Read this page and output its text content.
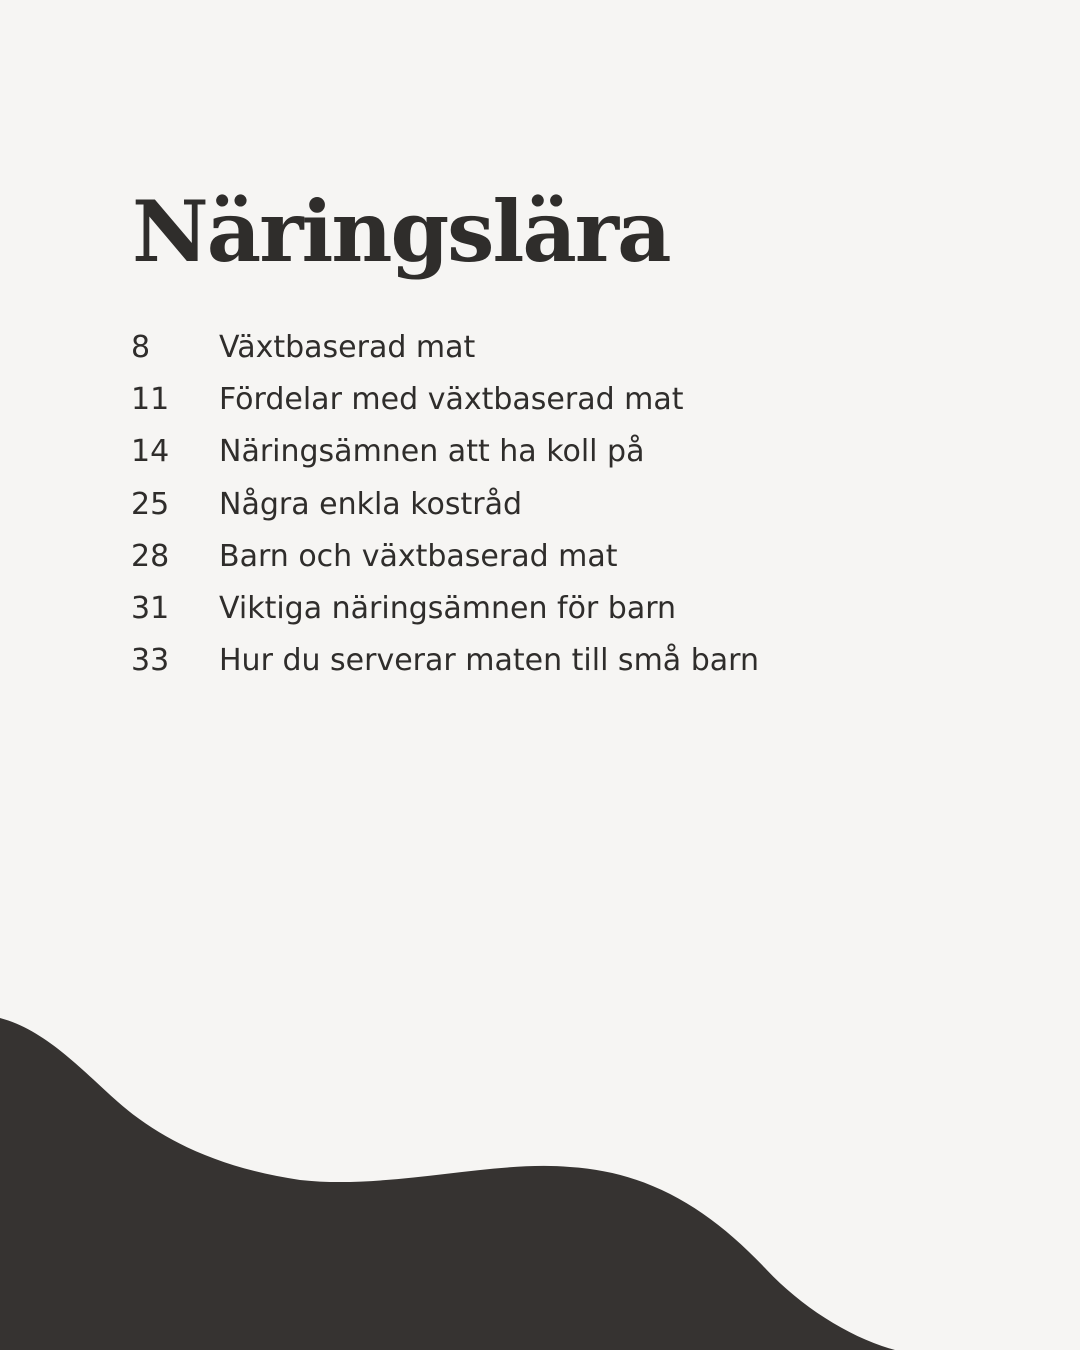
Näringslära
8	Växtbaserad mat
11	Fördelar med växtbaserad mat
14	Näringsämnen att ha koll på
25	Några enkla kostråd
28	Barn och växtbaserad mat
31	Viktiga näringsämnen för barn
33	Hur du serverar maten till små barn
